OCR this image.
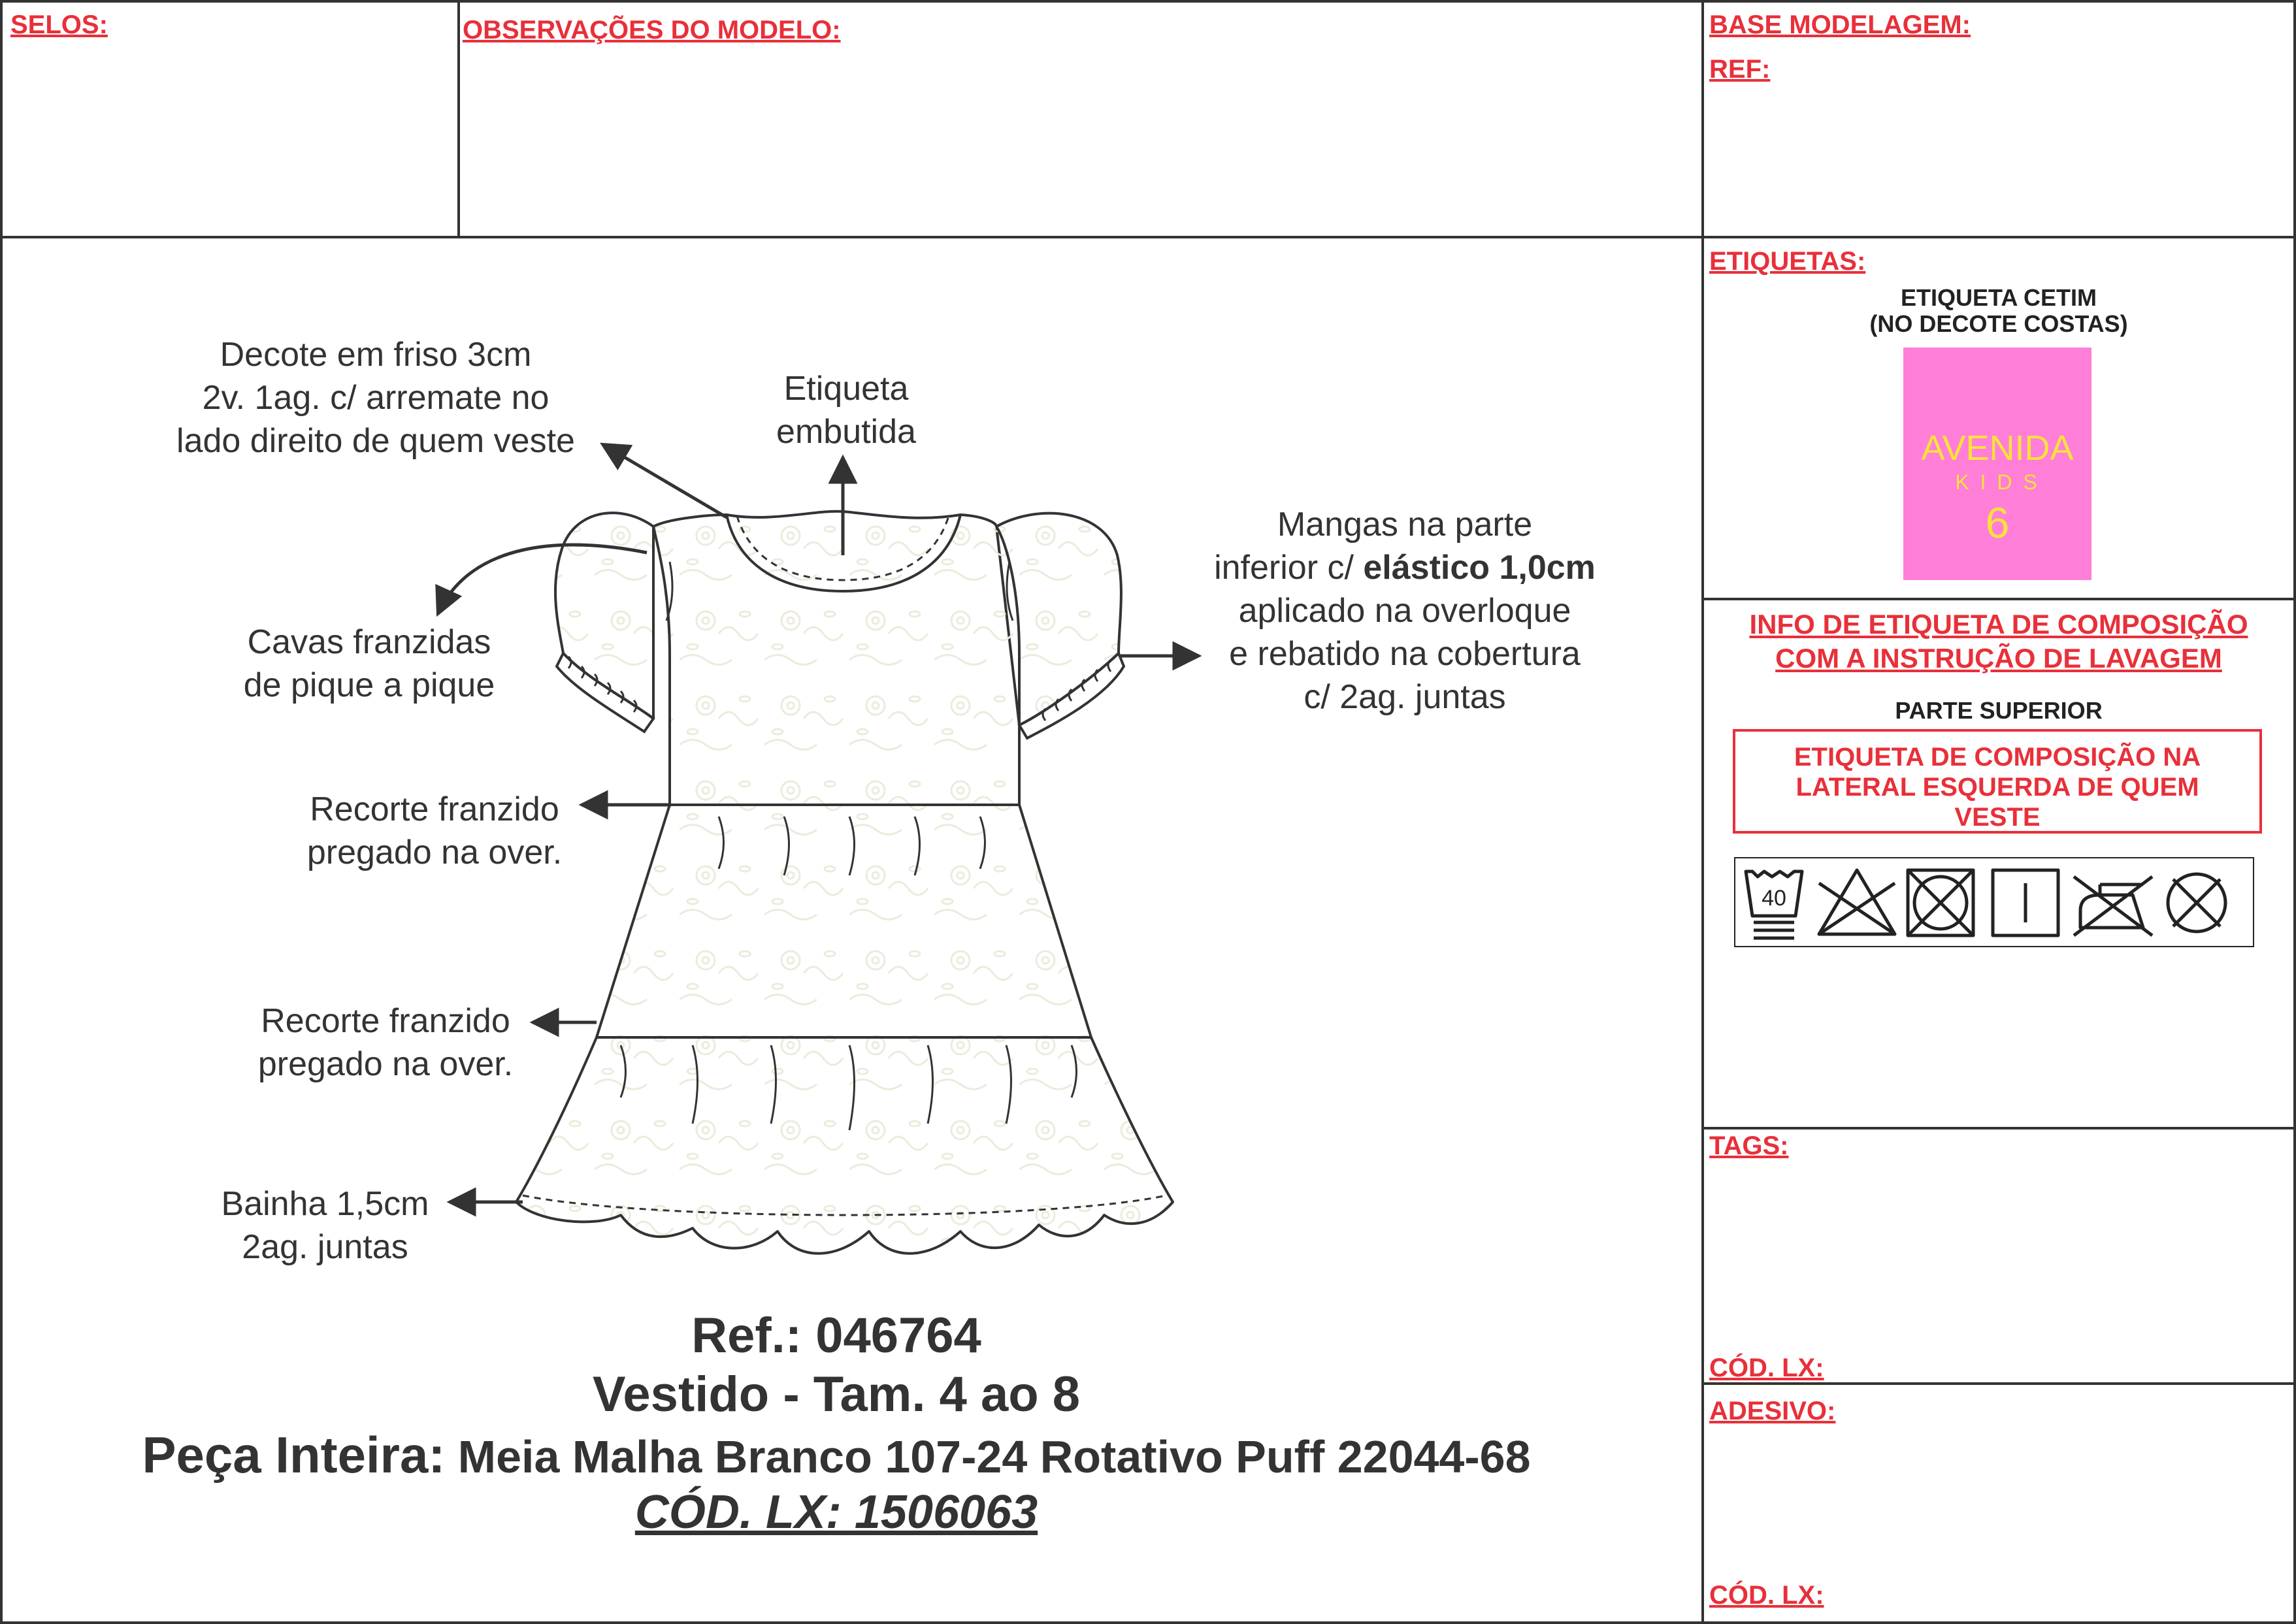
SELOS:	OBSERVAÇÕES DO MODELO:	BASE MODELAGEM:
REF:
ETIQUETAS:
ETIQUETA CETIM
(NO DECOTE COSTAS)
AVENIDA
K I D S
6
INFO DE ETIQUETA DE COMPOSIÇÃO
COM A INSTRUÇÃO DE LAVAGEM
PARTE SUPERIOR
ETIQUETA DE COMPOSIÇÃO NA
LATERAL ESQUERDA DE QUEM
VESTE
40
TAGS:
CÓD. LX:
ADESIVO:
CÓD. LX:
Decote em friso 3cm
2v. 1ag. c/ arremate no
lado direito de quem veste
Etiqueta
embutida
Mangas na parte
inferior c/ elástico 1,0cm
aplicado na overloque
e rebatido na cobertura
c/ 2ag. juntas
Cavas franzidas
de pique a pique
Recorte franzido
pregado na over.
Recorte franzido
pregado na over.
Bainha 1,5cm
2ag. juntas
Ref.: 046764
Vestido - Tam. 4 ao 8
Peça Inteira: Meia Malha Branco 107-24 Rotativo Puff 22044-68
CÓD. LX: 1506063
